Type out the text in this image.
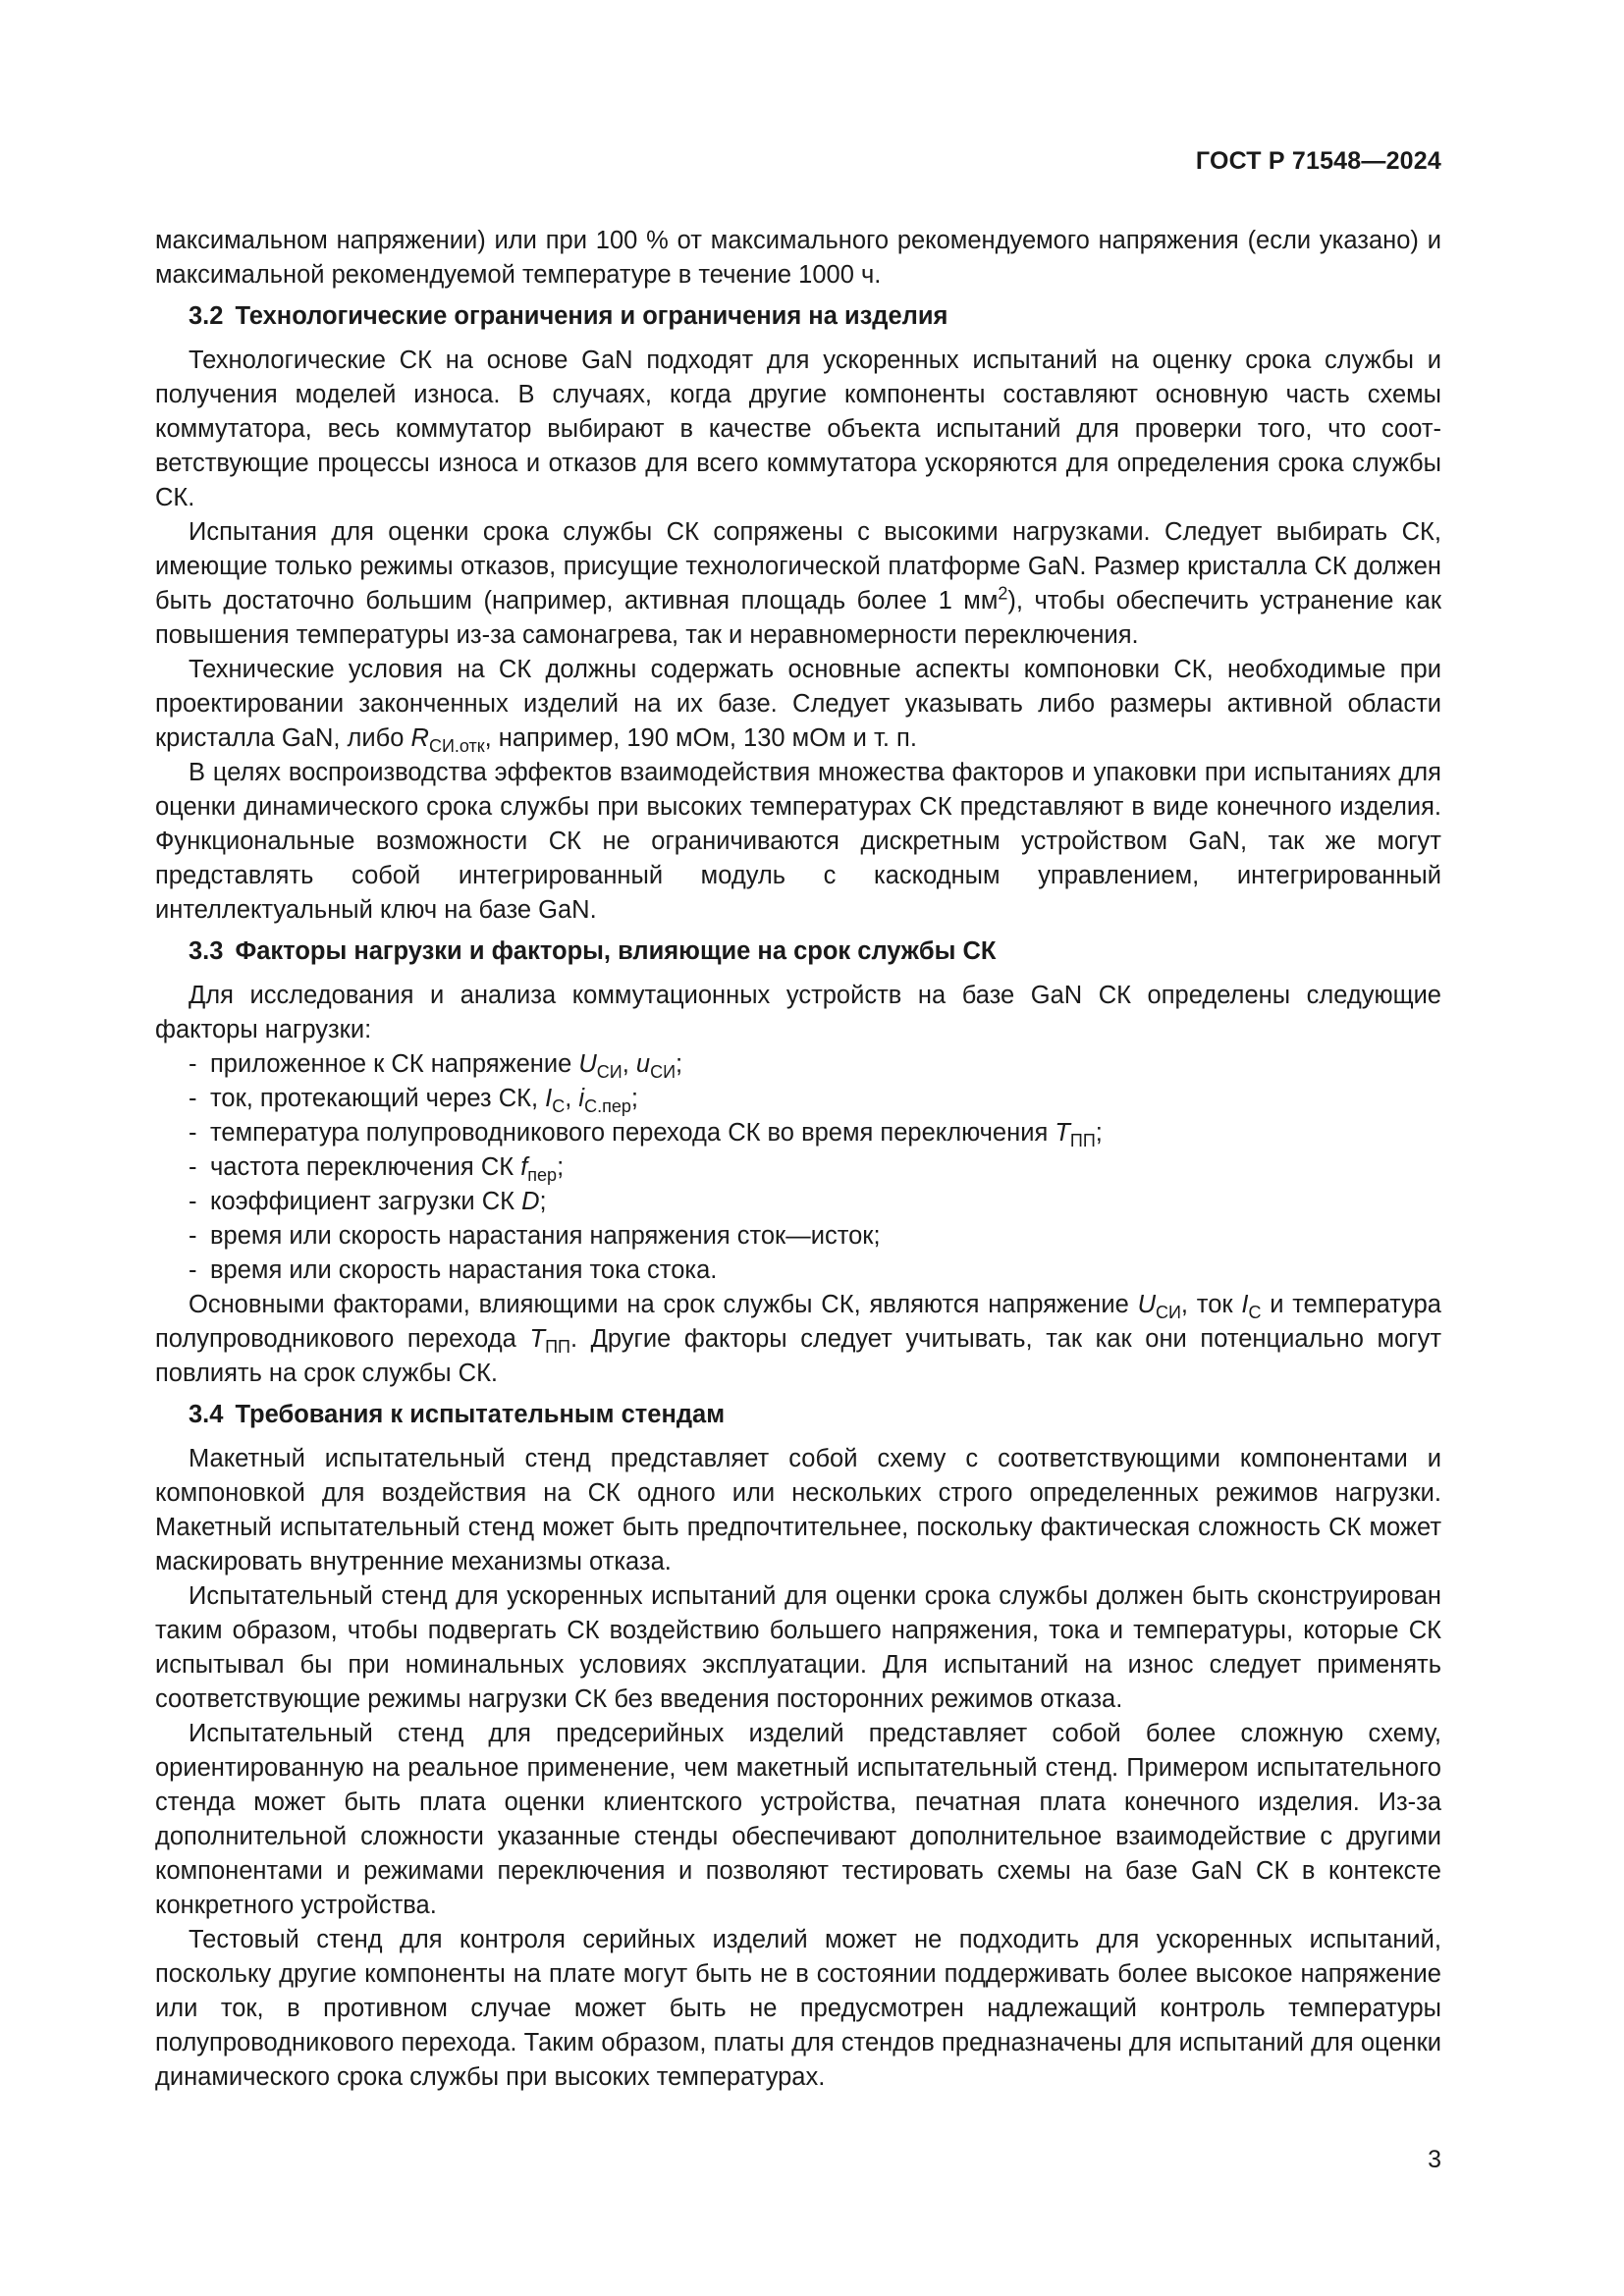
ГОСТ Р 71548—2024

максимальном напряжении) или при 100 % от максимального рекомендуемого напряжения (если указано) и максимальной рекомендуемой температуре в течение 1000 ч.

3.2 Технологические ограничения и ограничения на изделия

Технологические СК на основе GaN подходят для ускоренных испытаний на оценку срока службы и получения моделей износа. В случаях, когда другие компоненты составляют основную часть схемы коммутатора, весь коммутатор выбирают в качестве объекта испытаний для проверки того, что соответствующие процессы износа и отказов для всего коммутатора ускоряются для определения срока службы СК.

Испытания для оценки срока службы СК сопряжены с высокими нагрузками. Следует выбирать СК, имеющие только режимы отказов, присущие технологической платформе GaN. Размер кристалла СК должен быть достаточно большим (например, активная площадь более 1 $мм^2$), чтобы обеспечить устранение как повышения температуры из-за самонагрева, так и неравномерности переключения.

Технические условия на СК должны содержать основные аспекты компоновки СК, необходимые при проектировании законченных изделий на их базе. Следует указывать либо размеры активной области кристалла GaN, либо $R_{СИ.отк}$, например, 190 мОм, 130 мОм и т. п.

В целях воспроизводства эффектов взаимодействия множества факторов и упаковки при испытаниях для оценки динамического срока службы при высоких температурах СК представляют в виде конечного изделия. Функциональные возможности СК не ограничиваются дискретным устройством GaN, так же могут представлять собой интегрированный модуль с каскодным управлением, интегрированный интеллектуальный ключ на базе GaN.

3.3 Факторы нагрузки и факторы, влияющие на срок службы СК

Для исследования и анализа коммутационных устройств на базе GaN СК определены следующие факторы нагрузки:

- приложенное к СК напряжение $U_{СИ}$, $u_{СИ}$;
- ток, протекающий через СК, $I_С$, $i_{С.пер}$;
- температура полупроводникового перехода СК во время переключения $T_{ПП}$;
- частота переключения СК $f_{пер}$;
- коэффициент загрузки СК D;
- время или скорость нарастания напряжения сток—исток;
- время или скорость нарастания тока стока.

Основными факторами, влияющими на срок службы СК, являются напряжение $U_{СИ}$, ток $I_С$ и температура полупроводникового перехода $T_{ПП}$. Другие факторы следует учитывать, так как они потенциально могут повлиять на срок службы СК.

3.4 Требования к испытательным стендам

Макетный испытательный стенд представляет собой схему с соответствующими компонентами и компоновкой для воздействия на СК одного или нескольких строго определенных режимов нагрузки. Макетный испытательный стенд может быть предпочтительнее, поскольку фактическая сложность СК может маскировать внутренние механизмы отказа.

Испытательный стенд для ускоренных испытаний для оценки срока службы должен быть сконструирован таким образом, чтобы подвергать СК воздействию большего напряжения, тока и температуры, которые СК испытывал бы при номинальных условиях эксплуатации. Для испытаний на износ следует применять соответствующие режимы нагрузки СК без введения посторонних режимов отказа.

Испытательный стенд для предсерийных изделий представляет собой более сложную схему, ориентированную на реальное применение, чем макетный испытательный стенд. Примером испытательного стенда может быть плата оценки клиентского устройства, печатная плата конечного изделия. Из-за дополнительной сложности указанные стенды обеспечивают дополнительное взаимодействие с другими компонентами и режимами переключения и позволяют тестировать схемы на базе GaN СК в контексте конкретного устройства.

Тестовый стенд для контроля серийных изделий может не подходить для ускоренных испытаний, поскольку другие компоненты на плате могут быть не в состоянии поддерживать более высокое напряжение или ток, в противном случае может быть не предусмотрен надлежащий контроль температуры полупроводникового перехода. Таким образом, платы для стендов предназначены для испытаний для оценки динамического срока службы при высоких температурах.

3
